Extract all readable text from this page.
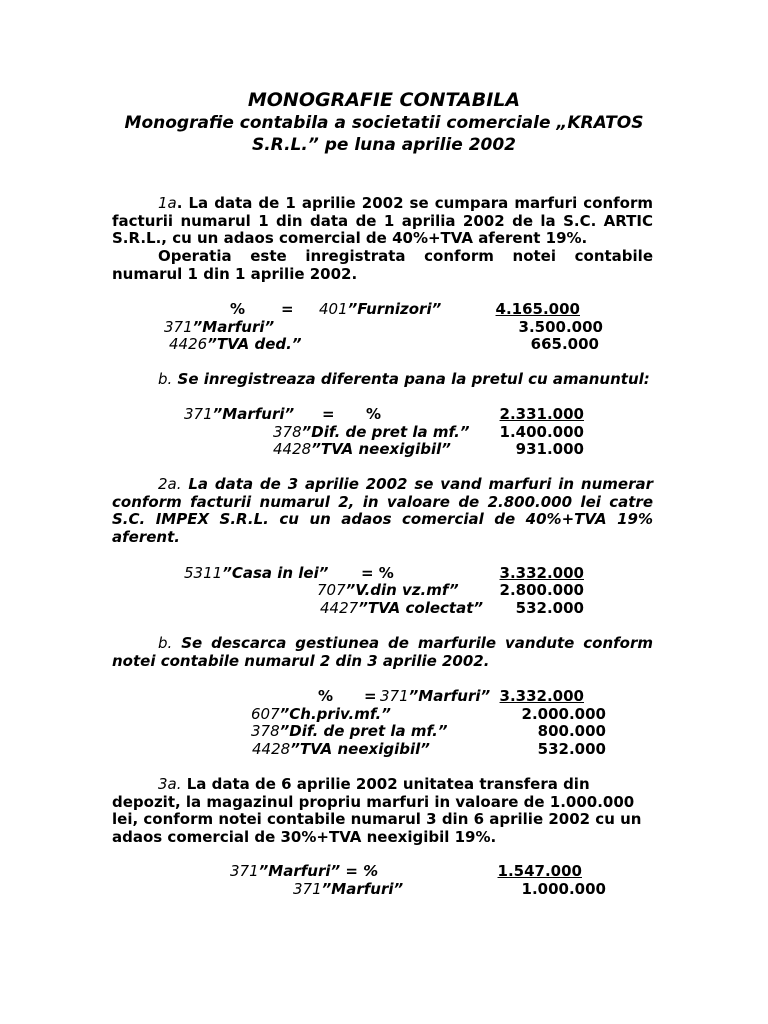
MONOGRAFIE CONTABILA
Monografie contabila a societatii comerciale „KRATOS
S.R.L.” pe luna aprilie 2002
1a. La data de 1 aprilie 2002 se cumpara marfuri conform facturii numarul 1 din data de 1 aprilia 2002 de la S.C. ARTIC S.R.L., cu un adaos comercial de 40%+TVA aferent 19%.
Operatia este inregistrata conform notei contabile numarul 1 din 1 aprilie 2002.
% = 401”Furnizori”	4.165.000
371”Marfuri”	3.500.000
4426”TVA ded.”	665.000
b. Se inregistreaza diferenta pana la pretul cu amanuntul:
371”Marfuri” = %	2.331.000
378”Dif. de pret la mf.” 1.400.000
4428”TVA neexigibil”	931.000
2a. La data de 3 aprilie 2002 se vand marfuri in numerar conform facturii numarul 2, in valoare de 2.800.000 lei catre S.C. IMPEX S.R.L. cu un adaos comercial de 40%+TVA 19% aferent.
5311”Casa in lei” = %	3.332.000
707”V.din vz.mf”	2.800.000
4427”TVA colectat” 532.000
b. Se descarca gestiunea de marfurile vandute conform notei contabile numarul 2 din 3 aprilie 2002.
% = 371”Marfuri” 3.332.000
607”Ch.priv.mf.”	2.000.000
378”Dif. de pret la mf.”	800.000
4428”TVA neexigibil”	532.000
3a. La data de 6 aprilie 2002 unitatea transfera din depozit, la magazinul propriu marfuri in valoare de 1.000.000 lei, conform notei contabile numarul 3 din 6 aprilie 2002 cu un adaos comercial de 30%+TVA neexigibil 19%.
371”Marfuri” = %	1.547.000
371”Marfuri”	1.000.000
